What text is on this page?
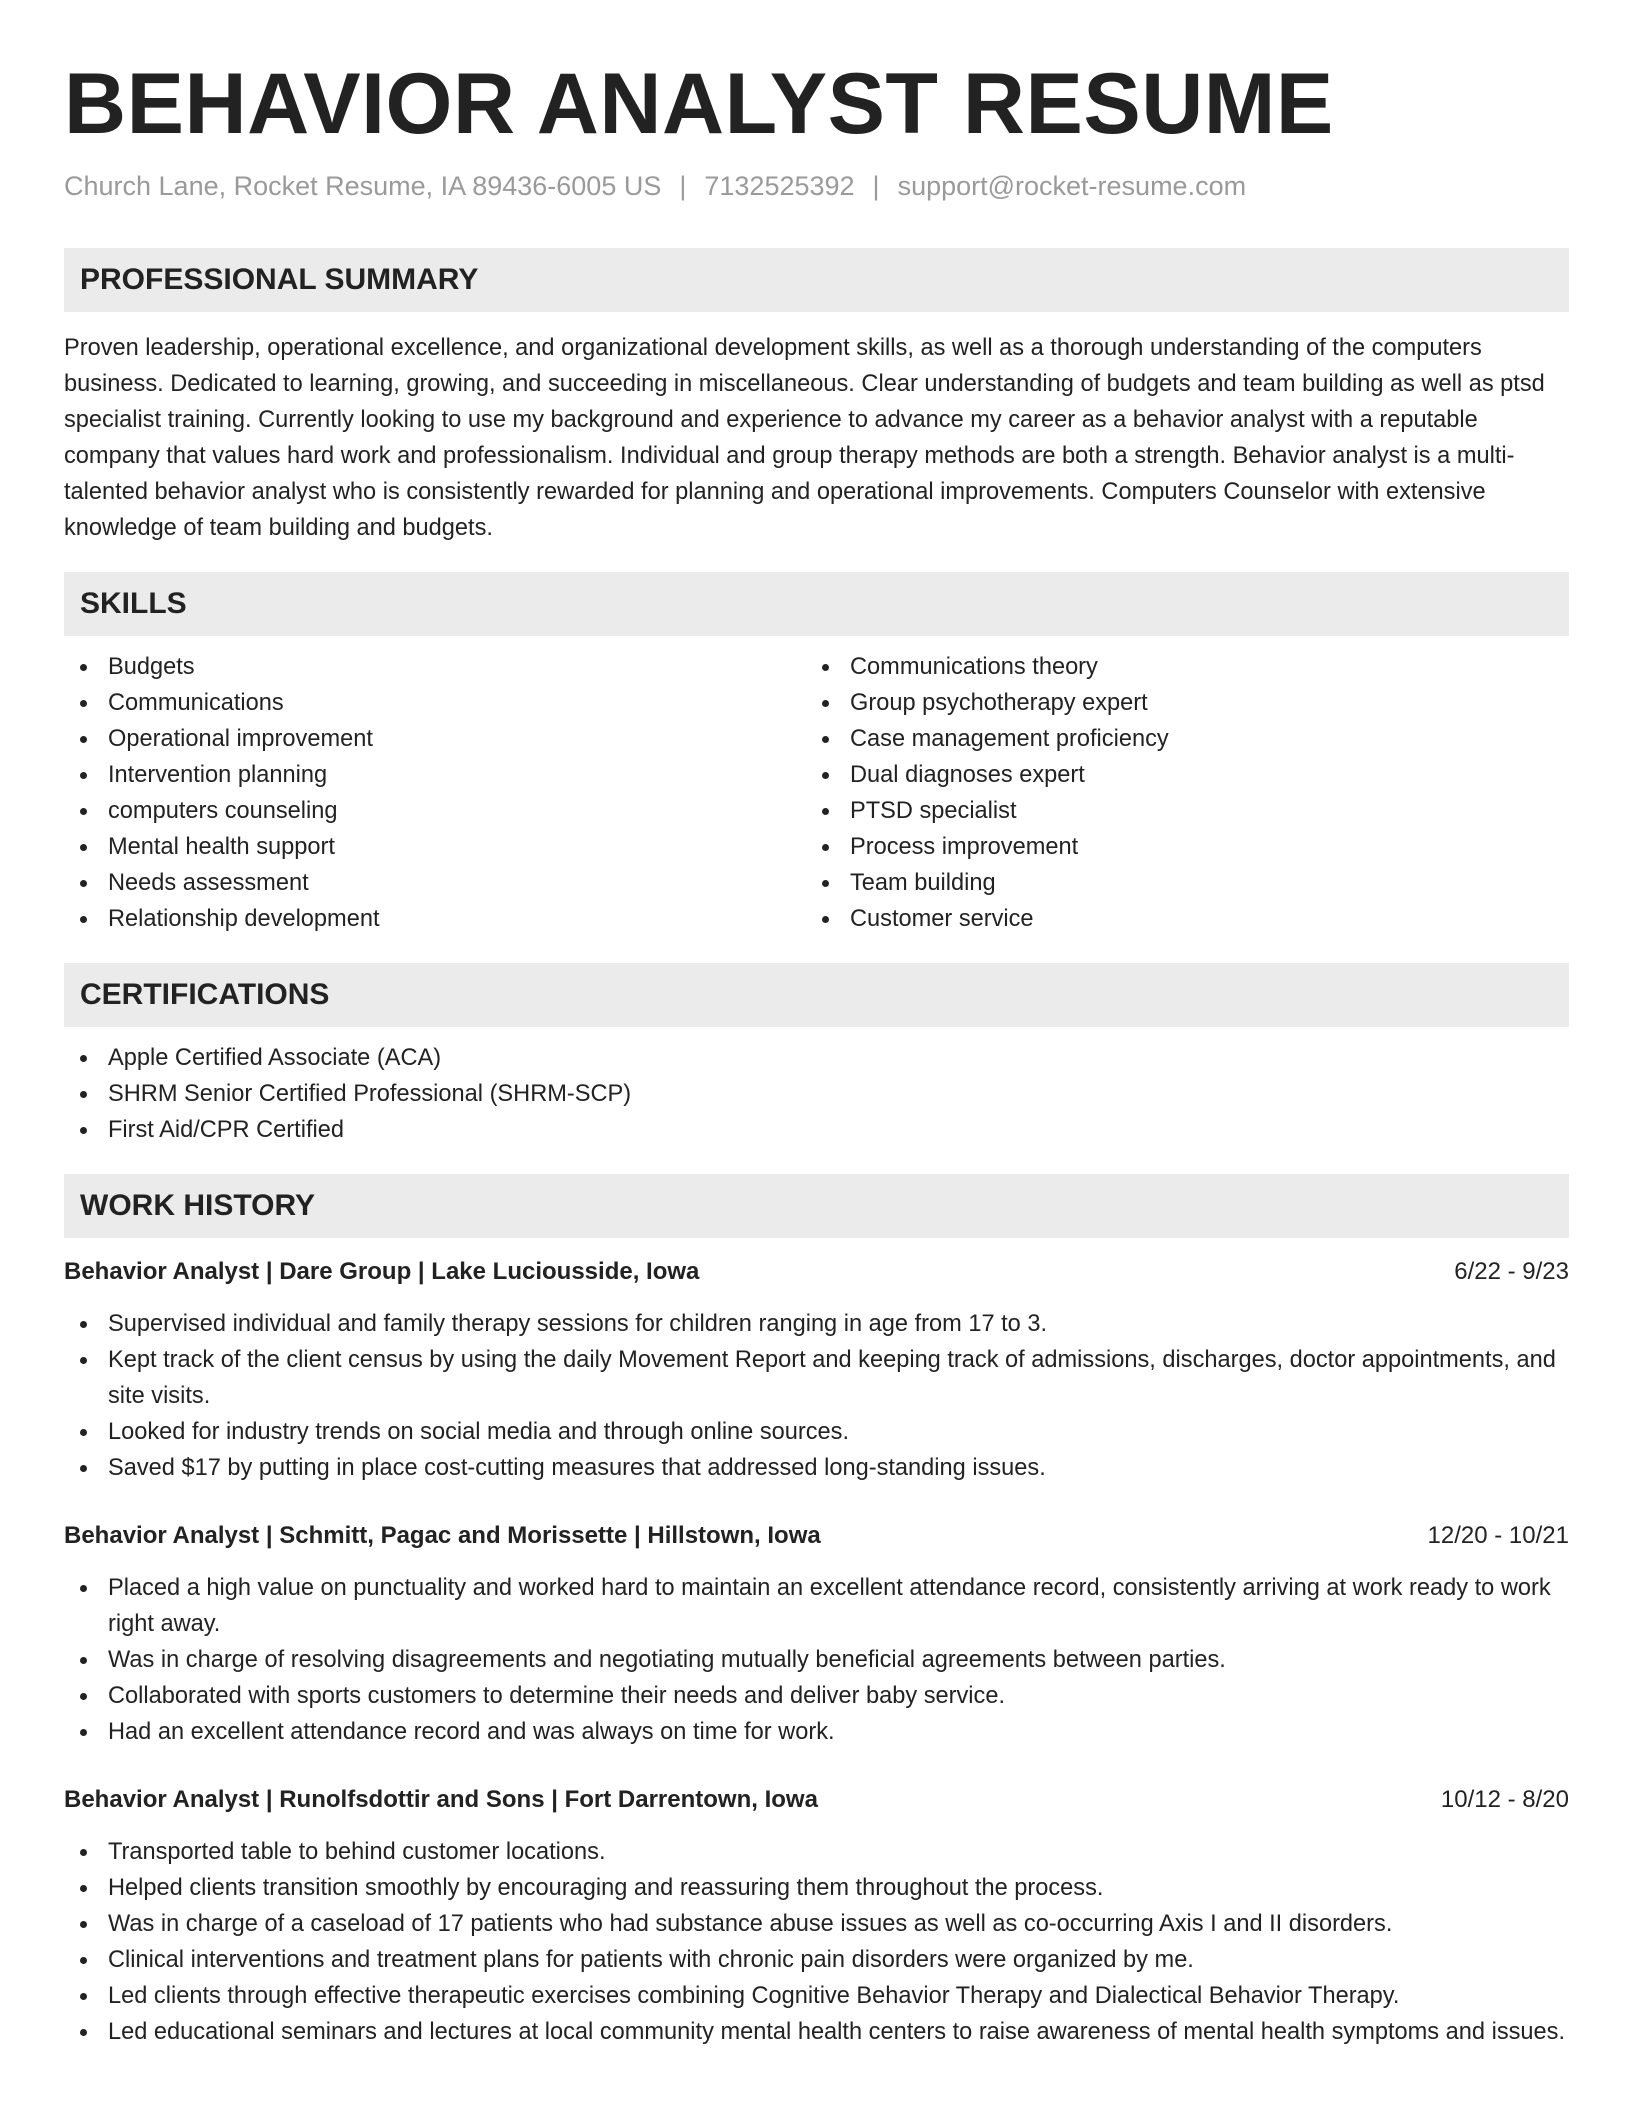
BEHAVIOR ANALYST RESUME
Church Lane, Rocket Resume, IA 89436-6005 US | 7132525392 | support@rocket-resume.com
PROFESSIONAL SUMMARY

Proven leadership, operational excellence, and organizational development skills, as well as a thorough understanding of the computers business. Dedicated to learning, growing, and succeeding in miscellaneous. Clear understanding of budgets and team building as well as ptsd specialist training. Currently looking to use my background and experience to advance my career as a behavior analyst with a reputable company that values hard work and professionalism. Individual and group therapy methods are both a strength. Behavior analyst is a multi-talented behavior analyst who is consistently rewarded for planning and operational improvements. Computers Counselor with extensive knowledge of team building and budgets.

SKILLS
Budgets
Communications
Operational improvement
Intervention planning
computers counseling
Mental health support
Needs assessment
Relationship development
Communications theory
Group psychotherapy expert
Case management proficiency
Dual diagnoses expert
PTSD specialist
Process improvement
Team building
Customer service
CERTIFICATIONS
Apple Certified Associate (ACA)
SHRM Senior Certified Professional (SHRM-SCP)
First Aid/CPR Certified
WORK HISTORY
Behavior Analyst | Dare Group | Lake Luciousside, Iowa	6/22 - 9/23
Supervised individual and family therapy sessions for children ranging in age from 17 to 3.
Kept track of the client census by using the daily Movement Report and keeping track of admissions, discharges, doctor appointments, and site visits.
Looked for industry trends on social media and through online sources.
Saved $17 by putting in place cost-cutting measures that addressed long-standing issues.
Behavior Analyst | Schmitt, Pagac and Morissette | Hillstown, Iowa	12/20 - 10/21
Placed a high value on punctuality and worked hard to maintain an excellent attendance record, consistently arriving at work ready to work right away.
Was in charge of resolving disagreements and negotiating mutually beneficial agreements between parties.
Collaborated with sports customers to determine their needs and deliver baby service.
Had an excellent attendance record and was always on time for work.
Behavior Analyst | Runolfsdottir and Sons | Fort Darrentown, Iowa	10/12 - 8/20
Transported table to behind customer locations.
Helped clients transition smoothly by encouraging and reassuring them throughout the process.
Was in charge of a caseload of 17 patients who had substance abuse issues as well as co-occurring Axis I and II disorders.
Clinical interventions and treatment plans for patients with chronic pain disorders were organized by me.
Led clients through effective therapeutic exercises combining Cognitive Behavior Therapy and Dialectical Behavior Therapy.
Led educational seminars and lectures at local community mental health centers to raise awareness of mental health symptoms and issues.
